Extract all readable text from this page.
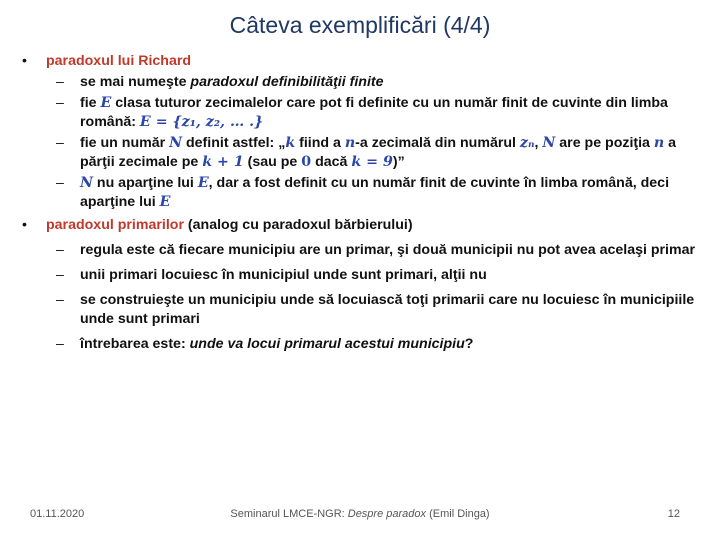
Câteva exemplificări (4/4)
• paradoxul lui Richard
– se mai numeşte paradoxul definibilităţii finite
– fie E clasa tuturor zecimalelor care pot fi definite cu un număr finit de cuvinte din limba română: E = {z₁, z₂, … .}
– fie un număr N definit astfel: „k fiind a n-a zecimală din numărul zₙ, N are pe poziţia n a părţii zecimale pe k + 1 (sau pe 0 dacă k = 9)”
– N nu aparţine lui E, dar a fost definit cu un număr finit de cuvinte în limba română, deci aparţine lui E
• paradoxul primarilor (analog cu paradoxul bărbierului)
– regula este că fiecare municipiu are un primar, şi două municipii nu pot avea acelaşi primar
– unii primari locuiesc în municipiul unde sunt primari, alţii nu
– se construieşte un municipiu unde să locuiască toţi primarii care nu locuiesc în municipiile unde sunt primari
– întrebarea este: unde va locui primarul acestui municipiu?
01.11.2020	Seminarul LMCE-NGR: Despre paradox (Emil Dinga)	12
